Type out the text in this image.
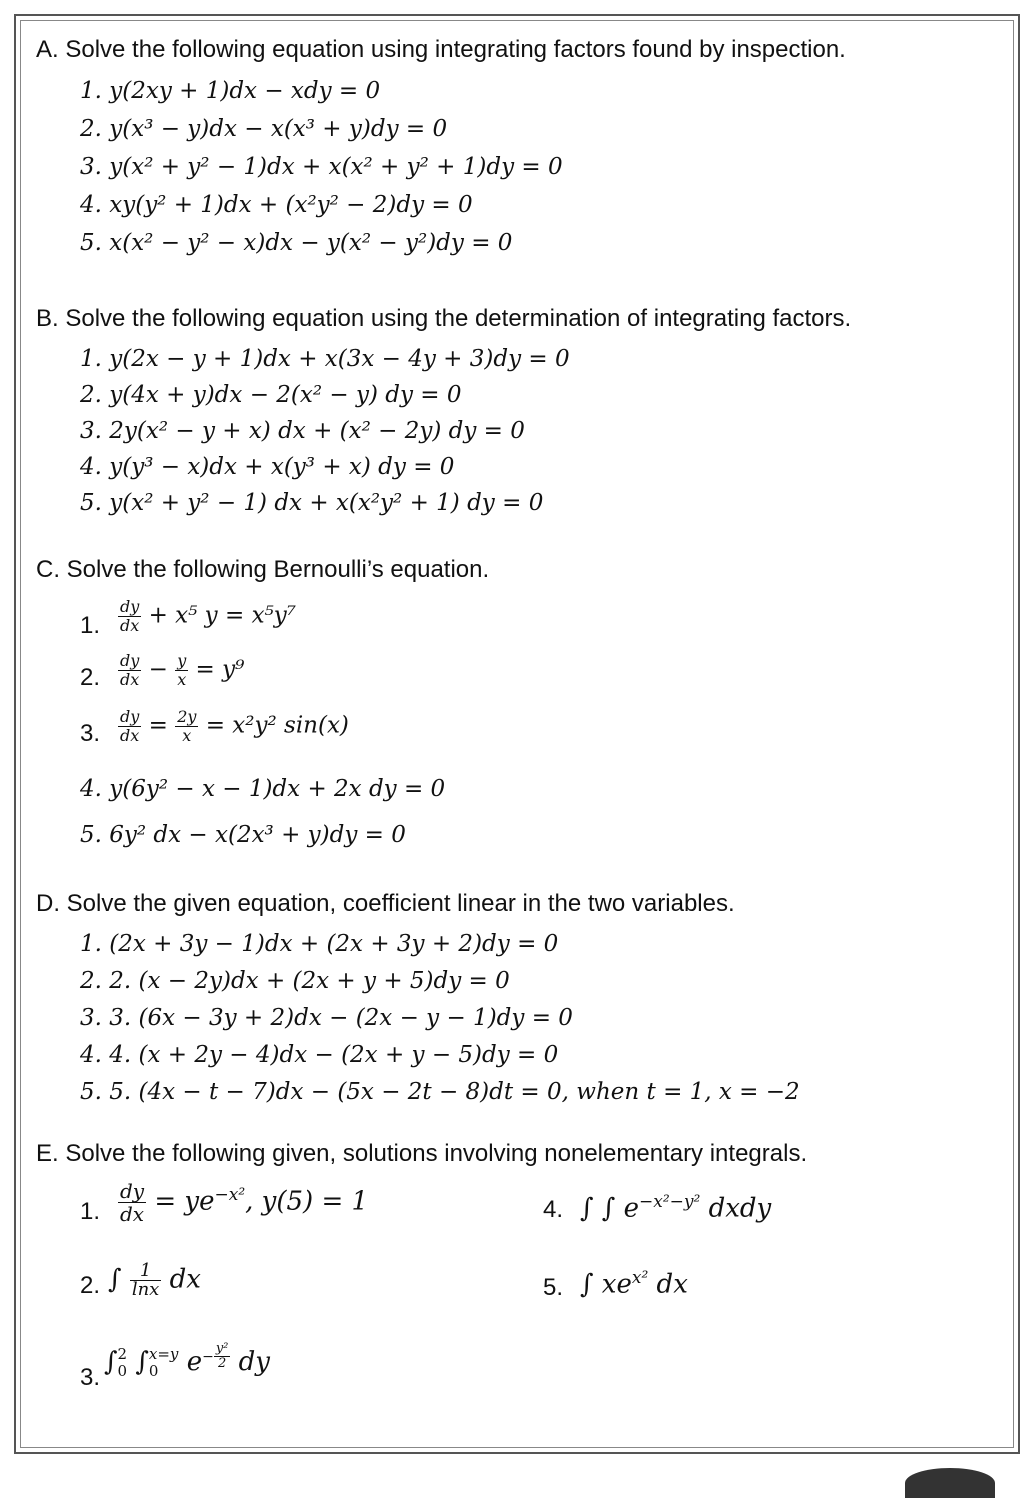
A. Solve the following equation using integrating factors found by inspection.
1. y(2xy + 1)dx − xdy = 0
2. y(x³ − y)dx − x(x³ + y)dy = 0
3. y(x² + y² − 1)dx + x(x² + y² + 1)dy = 0
4. xy(y² + 1)dx + (x²y² − 2)dy = 0
5. x(x² − y² − x)dx − y(x² − y²)dy = 0
B. Solve the following equation using the determination of integrating factors.
1. y(2x − y + 1)dx + x(3x − 4y + 3)dy = 0
2. y(4x + y)dx − 2(x² − y) dy = 0
3. 2y(x² − y + x) dx + (x² − 2y) dy = 0
4. y(y³ − x)dx + x(y³ + x) dy = 0
5. y(x² + y² − 1) dx + x(x²y² + 1) dy = 0
C. Solve the following Bernoulli’s equation.
1. $\frac{dy}{dx} + x^5$ y = x⁵y⁷
2. $\frac{dy}{dx} - \frac{y}{x} = y^9$
3. $\frac{dy}{dx} = \frac{2y}{x} = x^2y^2$ sin(x)
4. y(6y² − x − 1)dx + 2x dy = 0
5. 6y² dx − x(2x³ + y)dy = 0
D. Solve the given equation, coefficient linear in the two variables.
1. (2x + 3y − 1)dx + (2x + 3y + 2)dy = 0
2. 2. (x − 2y)dx + (2x + y + 5)dy = 0
3. 3. (6x − 3y + 2)dx − (2x − y − 1)dy = 0
4. 4. (x + 2y − 4)dx − (2x + y − 5)dy = 0
5. 5. (4x − t − 7)dx − (5x − 2t − 8)dt = 0, when t = 1, x = −2
E. Solve the following given, solutions involving nonelementary integrals.
1. $\frac{dy}{dx} = ye^{-x^2}$, y(5) = 1	4. ∫ ∫ $e^{-x^2-y^2}$ dxdy
2. ∫ $\frac{1}{\ln x}$ dx	5. ∫ $xe^{x^2}$ dx
3.
∫ 2
0 ∫ x=y
0	$e^{- \frac{\text{y²}}{2}}$ dy
